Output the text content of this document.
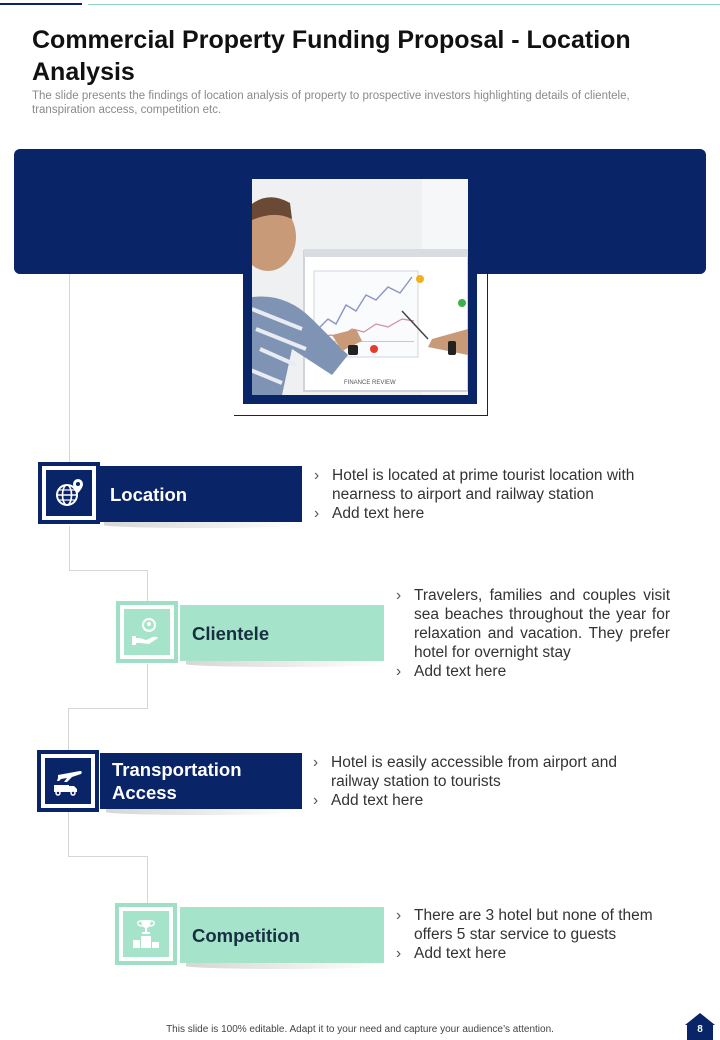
Commercial Property Funding Proposal - Location Analysis

The slide presents the findings of location analysis of property to prospective investors highlighting details of clientele, transpiration access, competition etc.

FINANCE REVIEW
Location
› Hotel is located at prime tourist location with nearness to airport and railway station
› Add text here
Clientele
› Travelers, families and couples visit sea beaches throughout the year for relaxation and vacation. They prefer hotel for overnight stay
› Add text here
Transportation Access
› Hotel is easily accessible from airport and railway station to tourists
› Add text here
Competition
› There are 3 hotel but none of them offers 5 star service to guests
› Add text here
This slide is 100% editable. Adapt it to your need and capture your audience’s attention.	8
